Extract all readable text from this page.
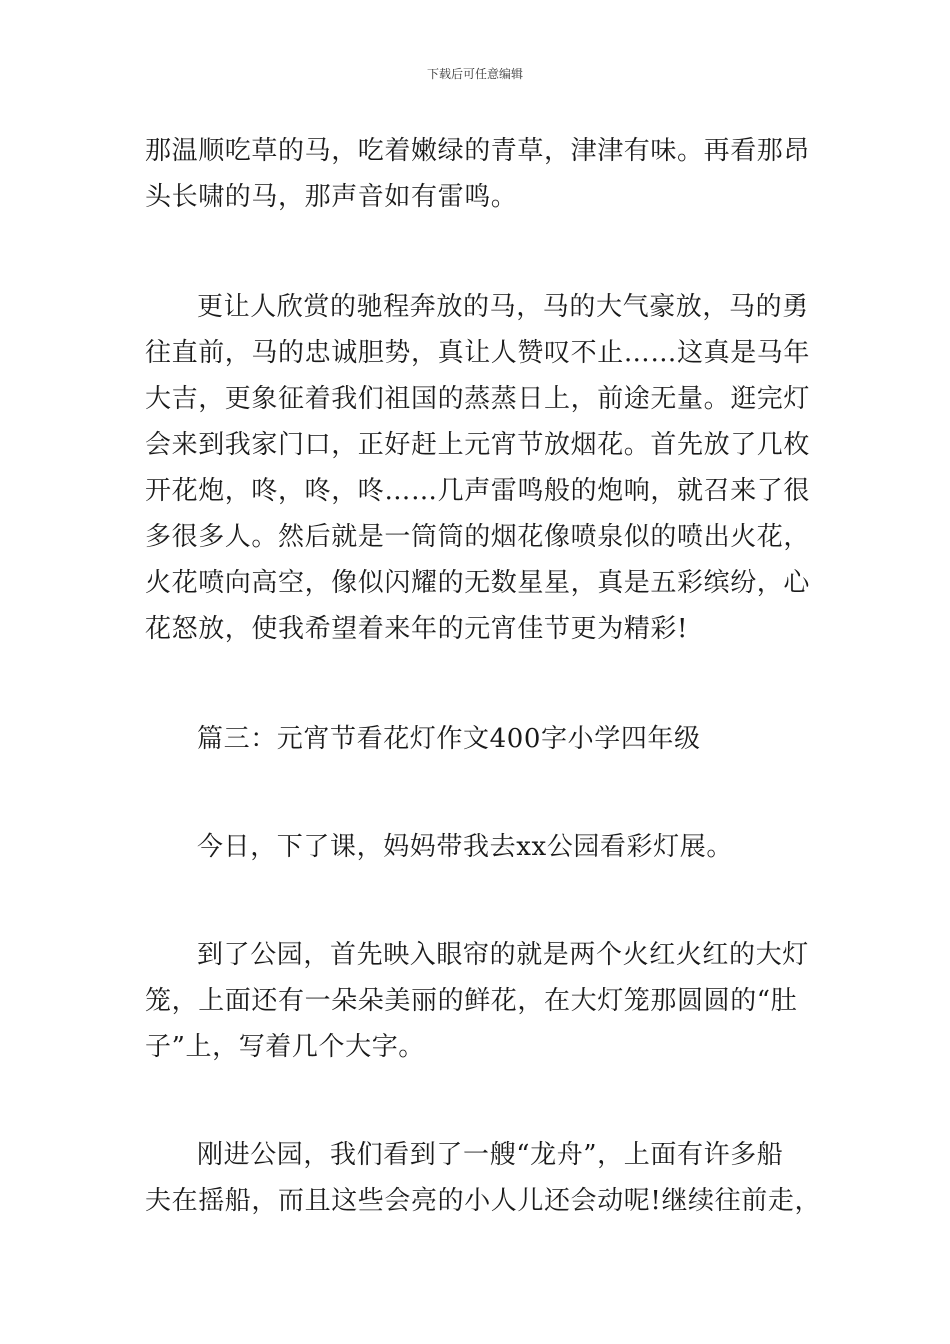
下载后可任意编辑
那温顺吃草的马，吃着嫩绿的青草，津津有味。再看那昂
头长啸的马，那声音如有雷鸣。
更让人欣赏的驰程奔放的马，马的大气豪放，马的勇
往直前，马的忠诚胆势，真让人赞叹不止……这真是马年
大吉，更象征着我们祖国的蒸蒸日上，前途无量。逛完灯
会来到我家门口，正好赶上元宵节放烟花。首先放了几枚
开花炮，咚，咚，咚……几声雷鸣般的炮响，就召来了很
多很多人。然后就是一筒筒的烟花像喷泉似的喷出火花，
火花喷向高空，像似闪耀的无数星星，真是五彩缤纷，心
花怒放，使我希望着来年的元宵佳节更为精彩!
篇三：元宵节看花灯作文400字小学四年级
今日，下了课，妈妈带我去xx公园看彩灯展。
到了公园，首先映入眼帘的就是两个火红火红的大灯
笼，上面还有一朵朵美丽的鲜花，在大灯笼那圆圆的“肚
子”上，写着几个大字。
刚进公园，我们看到了一艘“龙舟”，上面有许多船
夫在摇船，而且这些会亮的小人儿还会动呢!继续往前走，
